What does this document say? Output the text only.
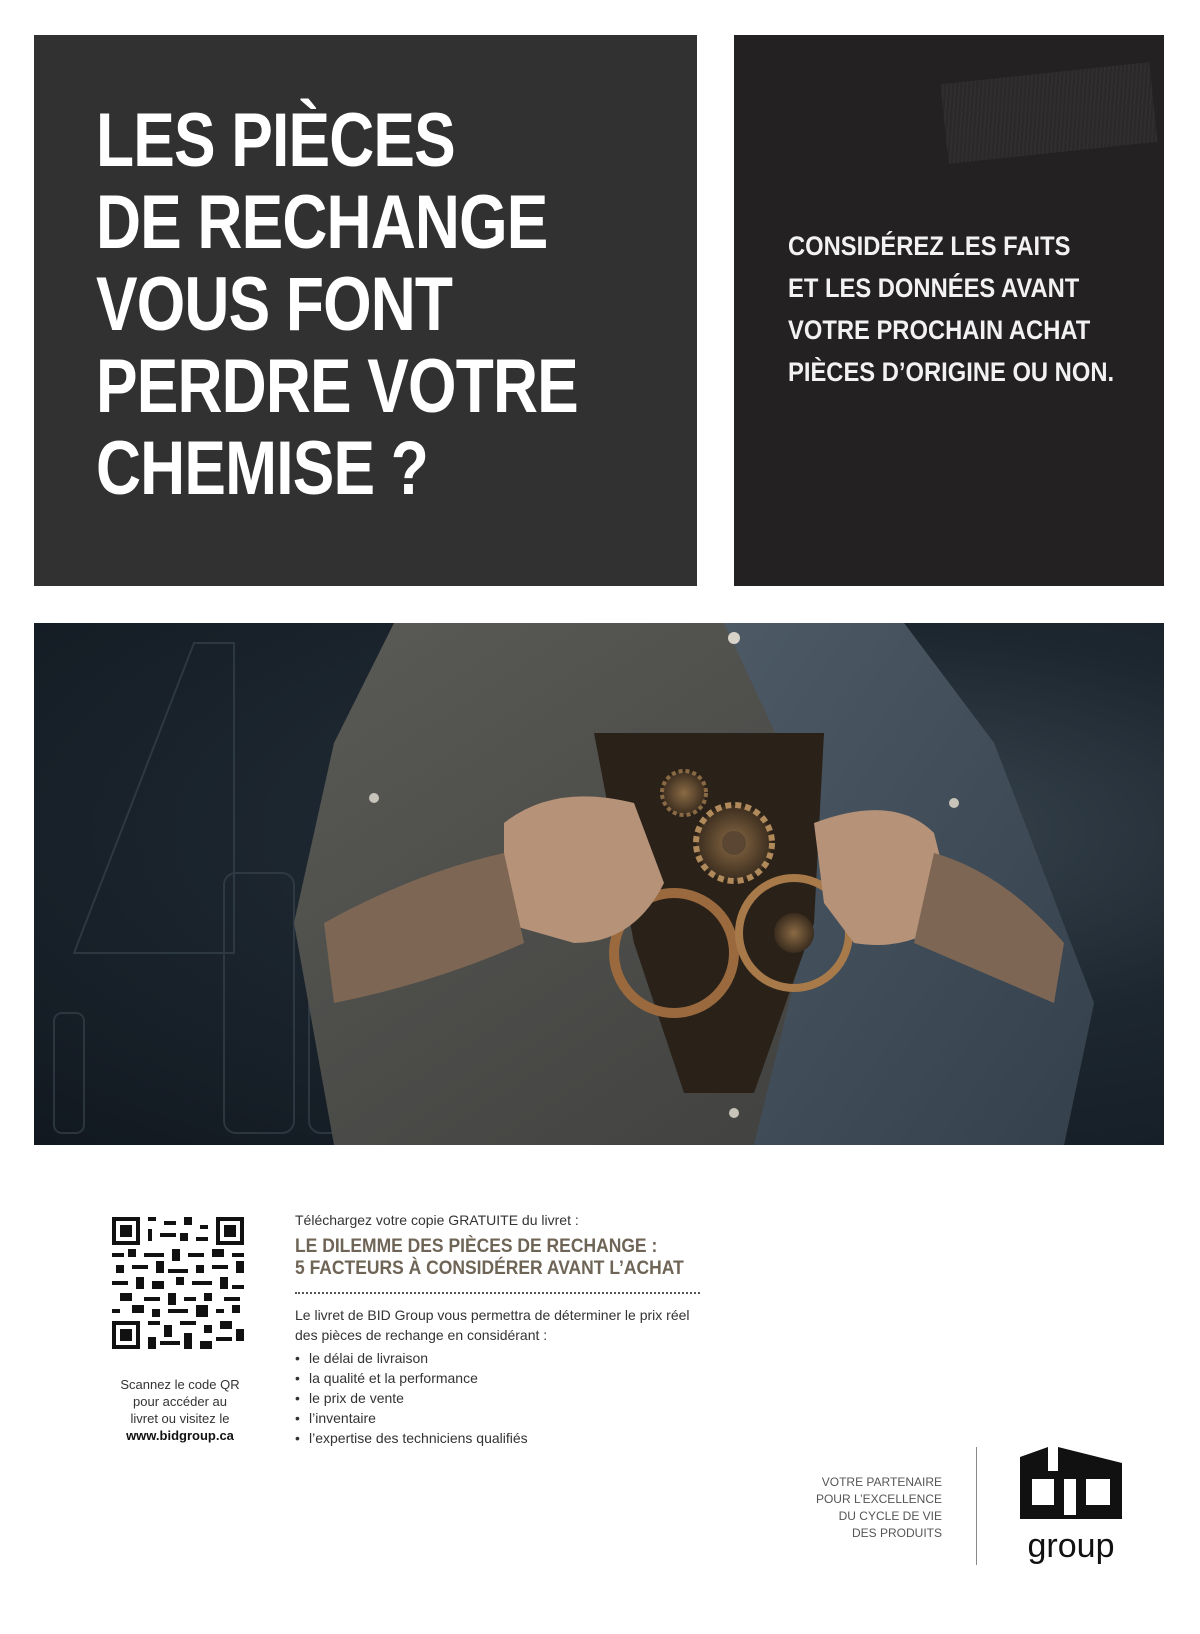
LES PIÈCES
DE RECHANGE
VOUS FONT
PERDRE VOTRE
CHEMISE ?

CONSIDÉREZ LES FAITS
ET LES DONNÉES AVANT
VOTRE PROCHAIN ACHAT
PIÈCES D’ORIGINE OU NON.

Scannez le code QR
pour accéder au
livret ou visitez le
www.bidgroup.ca
Téléchargez votre copie GRATUITE du livret :
LE DILEMME DES PIÈCES DE RECHANGE :
5 FACTEURS À CONSIDÉRER AVANT L’ACHAT
Le livret de BID Group vous permettra de déterminer le prix réel des pièces de rechange en considérant :
• le délai de livraison
• la qualité et la performance
• le prix de vente
• l’inventaire
• l’expertise des techniciens qualifiés
VOTRE PARTENAIRE
POUR L’EXCELLENCE
DU CYCLE DE VIE
DES PRODUITS	group
